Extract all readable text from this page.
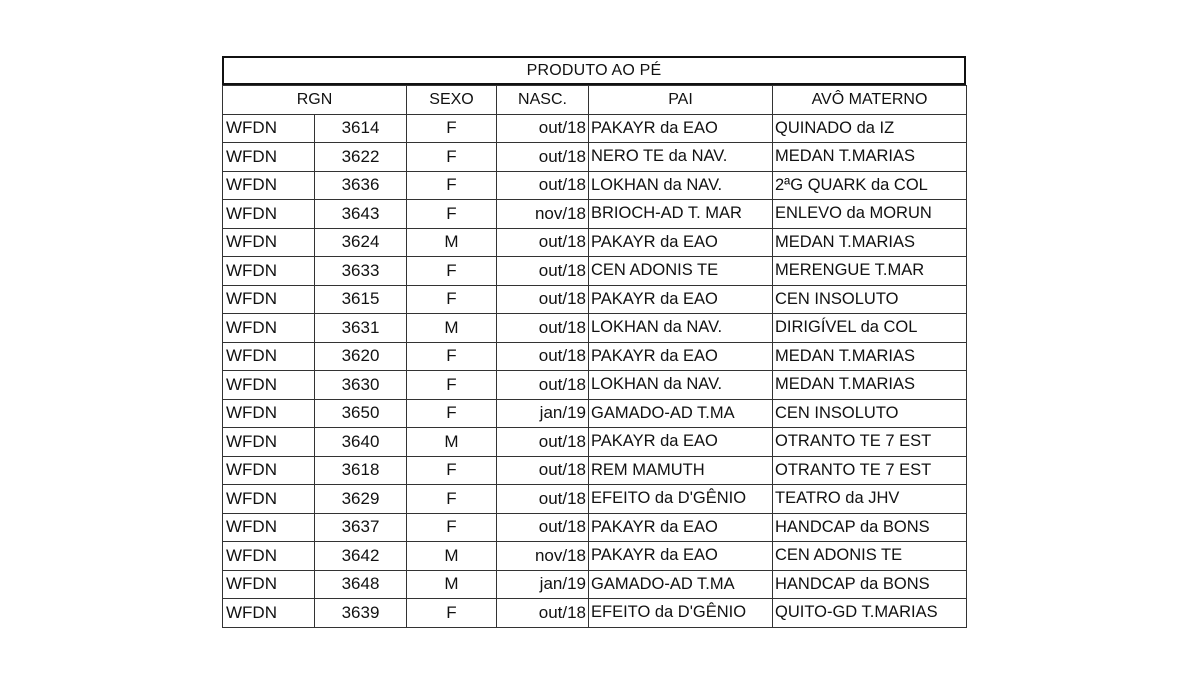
PRODUTO AO PÉ
RGN		SEXO	NASC.	PAI	AVÔ MATERNO
WFDN	3614	F	out/18	PAKAYR da EAO	QUINADO da IZ
WFDN	3622	F	out/18	NERO TE da NAV.	MEDAN T.MARIAS
WFDN	3636	F	out/18	LOKHAN da NAV.	2ªG QUARK da COL
WFDN	3643	F	nov/18	BRIOCH-AD T. MAR	ENLEVO da MORUN
WFDN	3624	M	out/18	PAKAYR da EAO	MEDAN T.MARIAS
WFDN	3633	F	out/18	CEN ADONIS TE	MERENGUE T.MAR
WFDN	3615	F	out/18	PAKAYR da EAO	CEN INSOLUTO
WFDN	3631	M	out/18	LOKHAN da NAV.	DIRIGÍVEL da COL
WFDN	3620	F	out/18	PAKAYR da EAO	MEDAN T.MARIAS
WFDN	3630	F	out/18	LOKHAN da NAV.	MEDAN T.MARIAS
WFDN	3650	F	jan/19	GAMADO-AD T.MA	CEN INSOLUTO
WFDN	3640	M	out/18	PAKAYR da EAO	OTRANTO TE 7 EST
WFDN	3618	F	out/18	REM MAMUTH	OTRANTO TE 7 EST
WFDN	3629	F	out/18	EFEITO da D'GÊNIO	TEATRO da JHV
WFDN	3637	F	out/18	PAKAYR da EAO	HANDCAP da BONS
WFDN	3642	M	nov/18	PAKAYR da EAO	CEN ADONIS TE
WFDN	3648	M	jan/19	GAMADO-AD T.MA	HANDCAP da BONS
WFDN	3639	F	out/18	EFEITO da D'GÊNIO	QUITO-GD T.MARIAS
